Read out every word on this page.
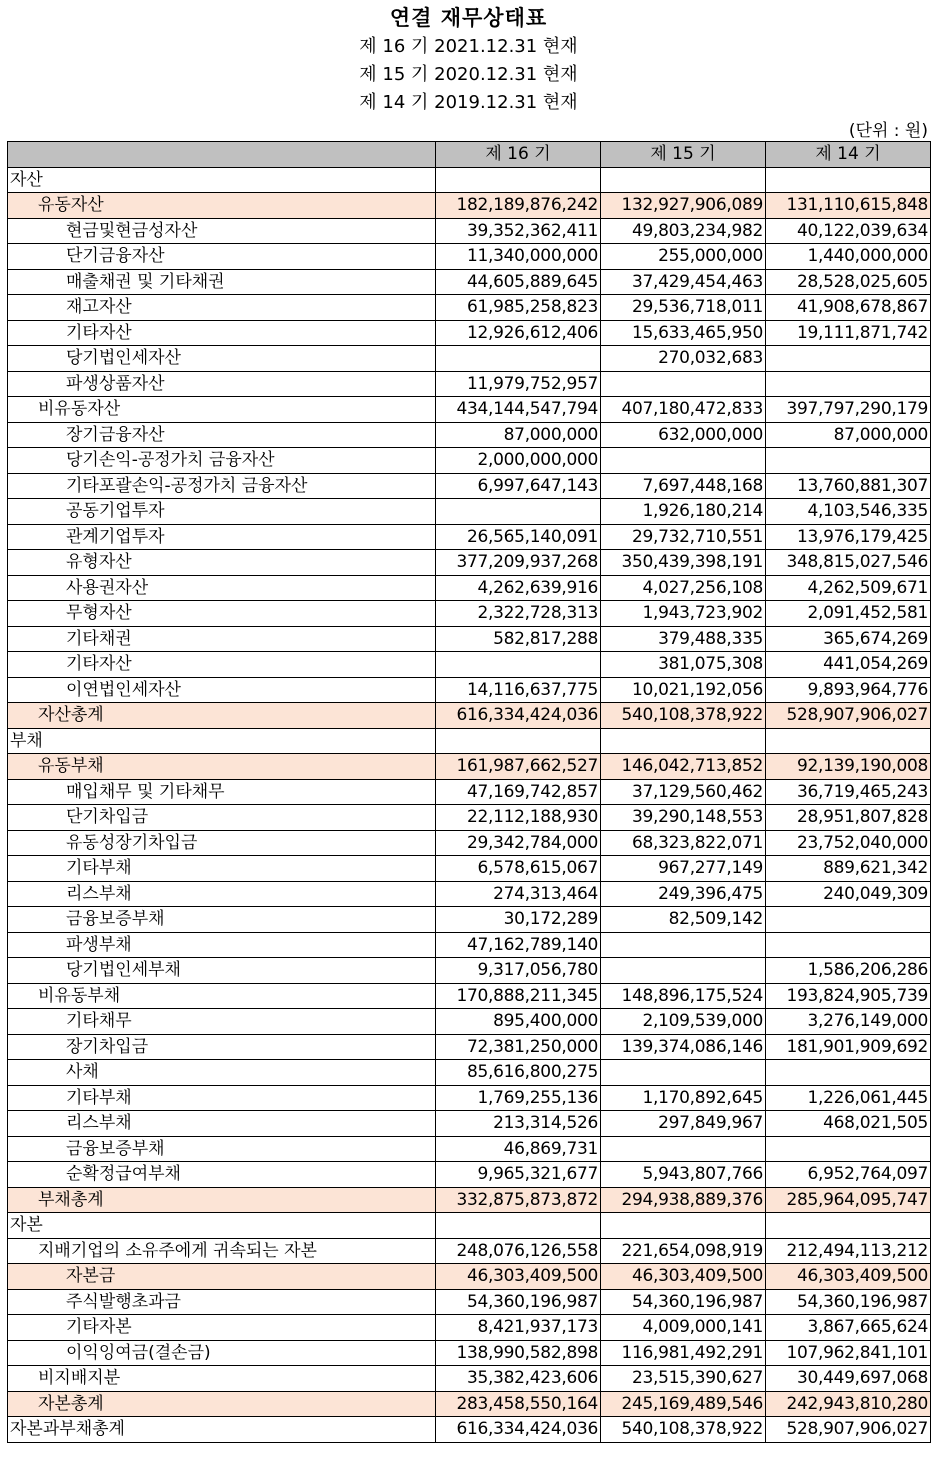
연결 재무상태표
제 16 기 2021.12.31 현재
제 15 기 2020.12.31 현재
제 14 기 2019.12.31 현재
(단위 : 원)
	제 16 기	제 15 기	제 14 기
자산			
유동자산	182,189,876,242	132,927,906,089	131,110,615,848
현금및현금성자산	39,352,362,411	49,803,234,982	40,122,039,634
단기금융자산	11,340,000,000	255,000,000	1,440,000,000
매출채권 및 기타채권	44,605,889,645	37,429,454,463	28,528,025,605
재고자산	61,985,258,823	29,536,718,011	41,908,678,867
기타자산	12,926,612,406	15,633,465,950	19,111,871,742
당기법인세자산		270,032,683	
파생상품자산	11,979,752,957		
비유동자산	434,144,547,794	407,180,472,833	397,797,290,179
장기금융자산	87,000,000	632,000,000	87,000,000
당기손익-공정가치 금융자산	2,000,000,000		
기타포괄손익-공정가치 금융자산	6,997,647,143	7,697,448,168	13,760,881,307
공동기업투자		1,926,180,214	4,103,546,335
관계기업투자	26,565,140,091	29,732,710,551	13,976,179,425
유형자산	377,209,937,268	350,439,398,191	348,815,027,546
사용권자산	4,262,639,916	4,027,256,108	4,262,509,671
무형자산	2,322,728,313	1,943,723,902	2,091,452,581
기타채권	582,817,288	379,488,335	365,674,269
기타자산		381,075,308	441,054,269
이연법인세자산	14,116,637,775	10,021,192,056	9,893,964,776
자산총계	616,334,424,036	540,108,378,922	528,907,906,027
부채			
유동부채	161,987,662,527	146,042,713,852	92,139,190,008
매입채무 및 기타채무	47,169,742,857	37,129,560,462	36,719,465,243
단기차입금	22,112,188,930	39,290,148,553	28,951,807,828
유동성장기차입금	29,342,784,000	68,323,822,071	23,752,040,000
기타부채	6,578,615,067	967,277,149	889,621,342
리스부채	274,313,464	249,396,475	240,049,309
금융보증부채	30,172,289	82,509,142	
파생부채	47,162,789,140		
당기법인세부채	9,317,056,780		1,586,206,286
비유동부채	170,888,211,345	148,896,175,524	193,824,905,739
기타채무	895,400,000	2,109,539,000	3,276,149,000
장기차입금	72,381,250,000	139,374,086,146	181,901,909,692
사채	85,616,800,275		
기타부채	1,769,255,136	1,170,892,645	1,226,061,445
리스부채	213,314,526	297,849,967	468,021,505
금융보증부채	46,869,731		
순확정급여부채	9,965,321,677	5,943,807,766	6,952,764,097
부채총계	332,875,873,872	294,938,889,376	285,964,095,747
자본			
지배기업의 소유주에게 귀속되는 자본	248,076,126,558	221,654,098,919	212,494,113,212
자본금	46,303,409,500	46,303,409,500	46,303,409,500
주식발행초과금	54,360,196,987	54,360,196,987	54,360,196,987
기타자본	8,421,937,173	4,009,000,141	3,867,665,624
이익잉여금(결손금)	138,990,582,898	116,981,492,291	107,962,841,101
비지배지분	35,382,423,606	23,515,390,627	30,449,697,068
자본총계	283,458,550,164	245,169,489,546	242,943,810,280
자본과부채총계	616,334,424,036	540,108,378,922	528,907,906,027
